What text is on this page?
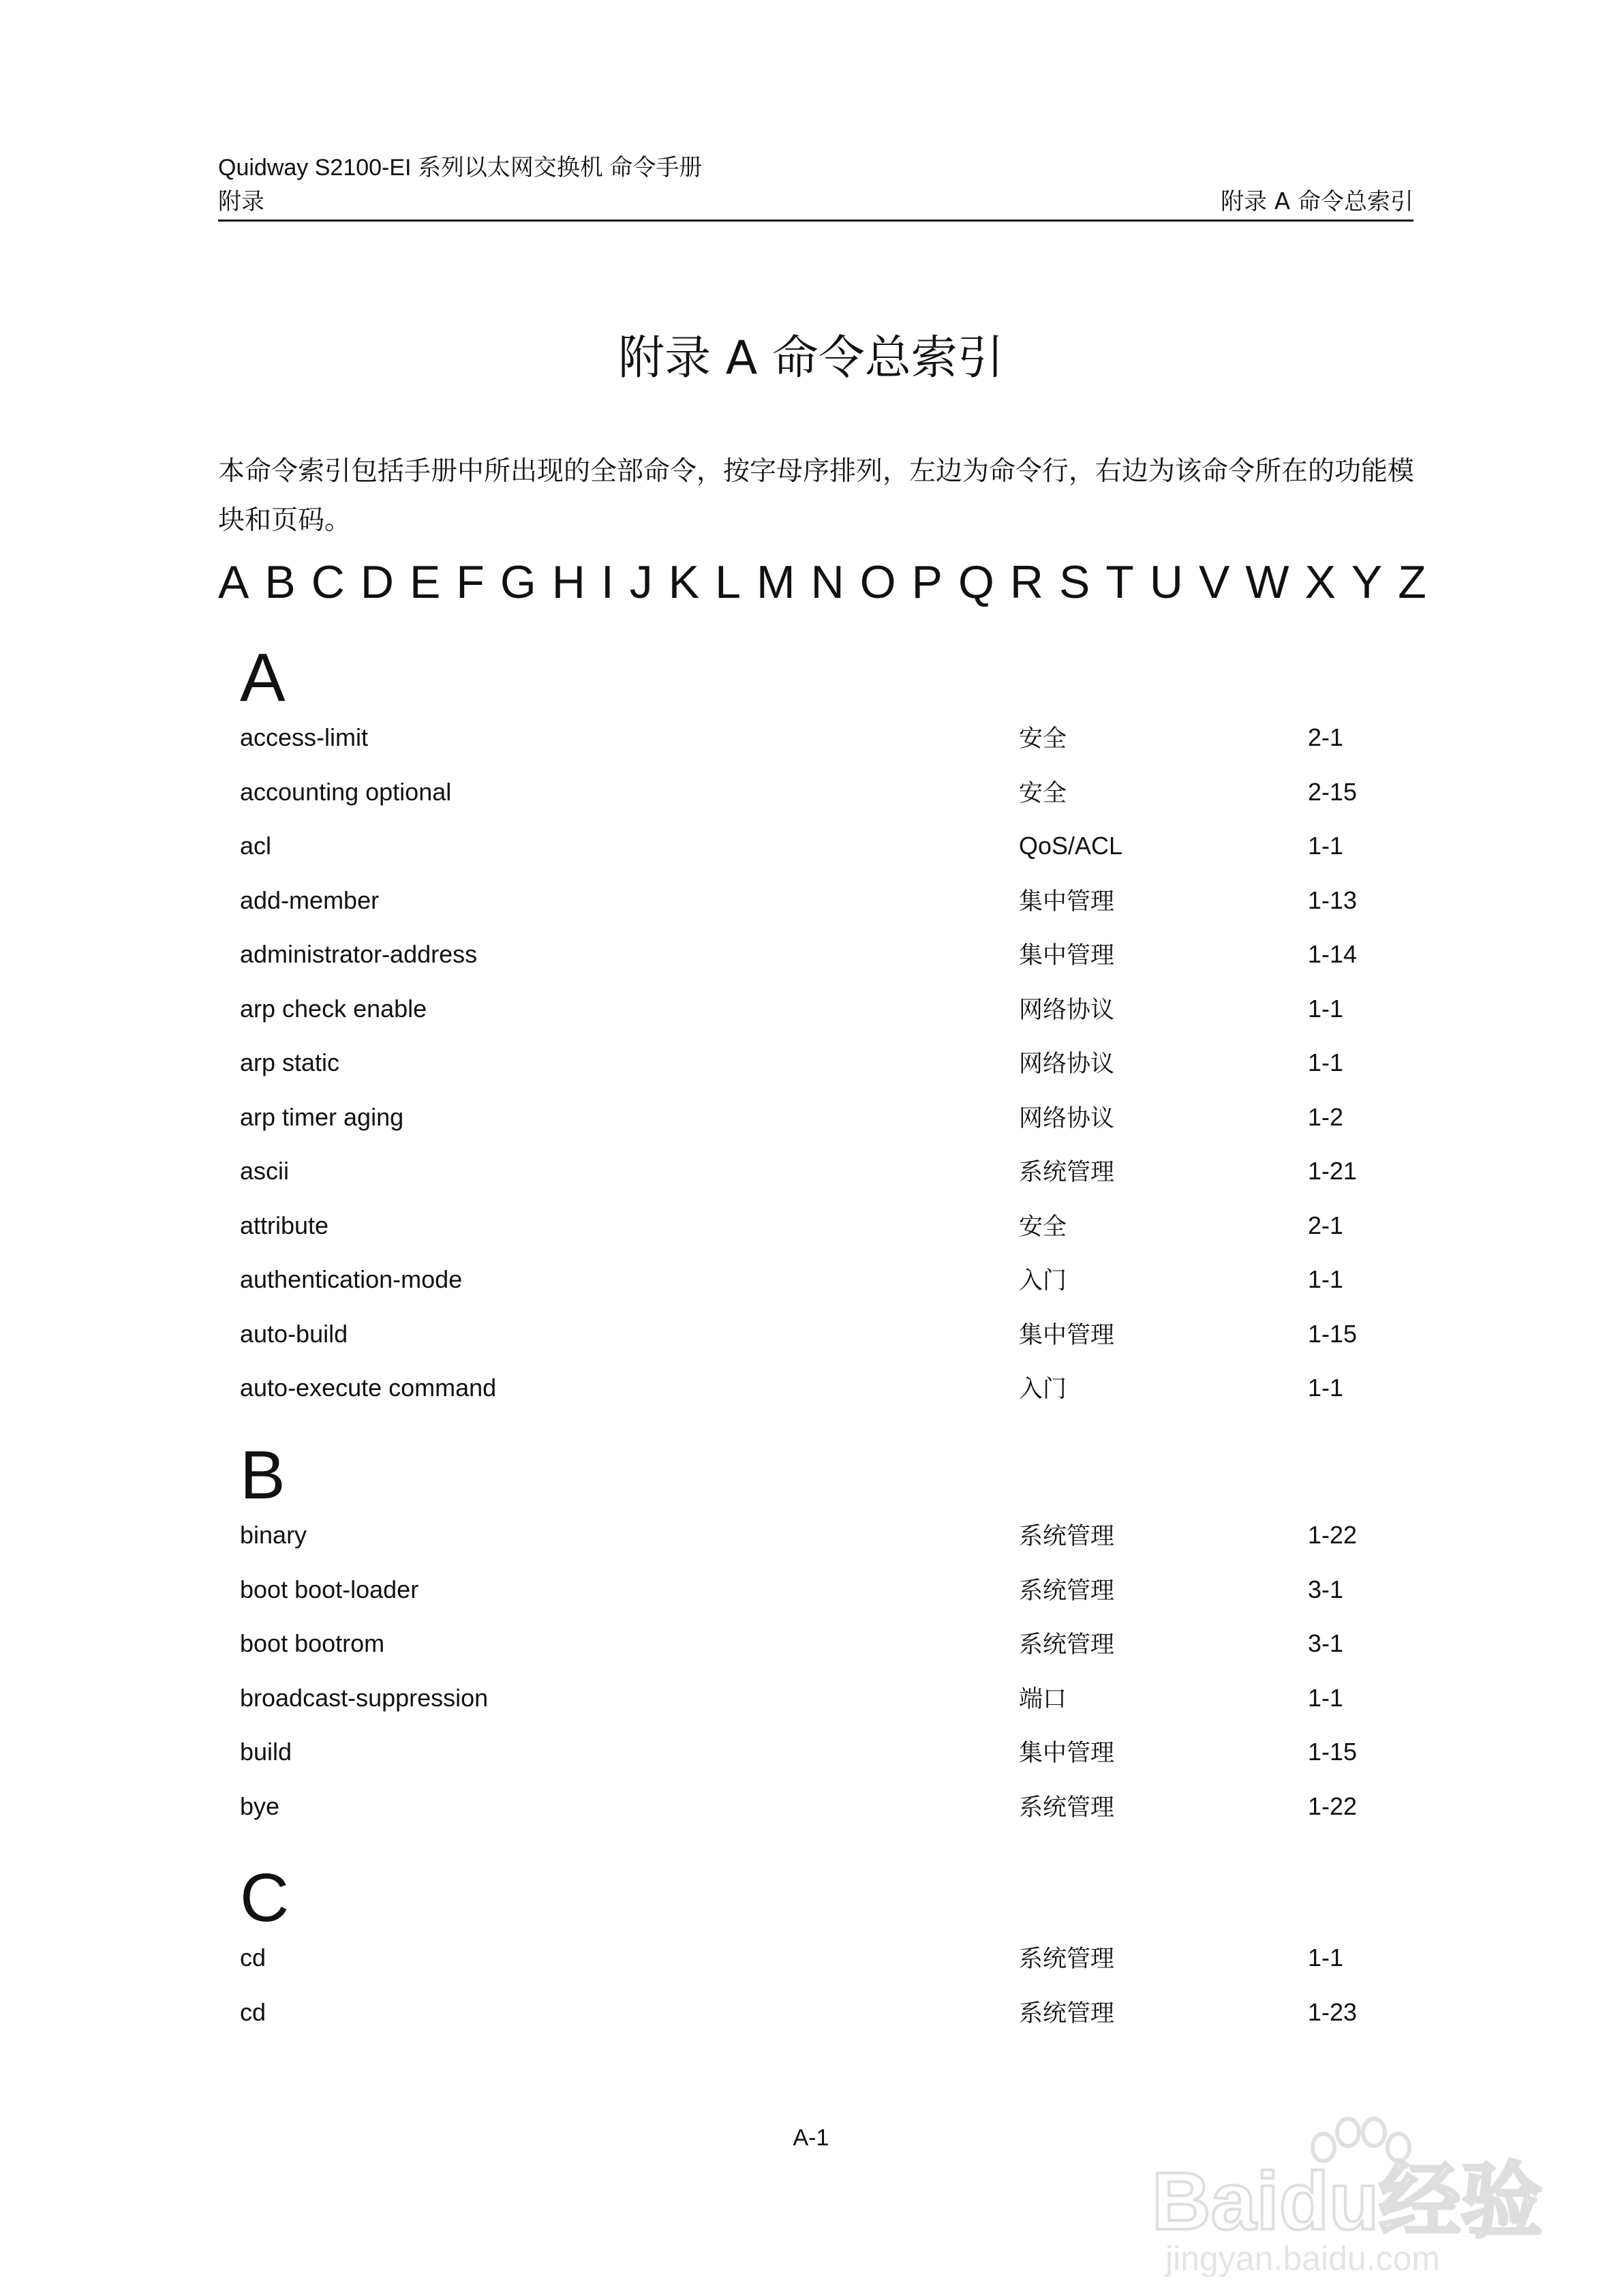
Quidway S2100-EI 系列以太网交换机 命令手册
附录	附录 A 命令总索引
附录 A 命令总索引
本命令索引包括手册中所出现的全部命令，按字母序排列，左边为命令行，右边为该命令所在的功能模块和页码。
A B C D E F G H I J K L M N O P Q R S T U V W X Y Z
A
access-limit	安全	2-1
accounting optional	安全	2-15
acl	QoS/ACL	1-1
add-member	集中管理	1-13
administrator-address	集中管理	1-14
arp check enable	网络协议	1-1
arp static	网络协议	1-1
arp timer aging	网络协议	1-2
ascii	系统管理	1-21
attribute	安全	2-1
authentication-mode	入门	1-1
auto-build	集中管理	1-15
auto-execute command	入门	1-1
B
binary	系统管理	1-22
boot boot-loader	系统管理	3-1
boot bootrom	系统管理	3-1
broadcast-suppression	端口	1-1
build	集中管理	1-15
bye	系统管理	1-22
C
cd	系统管理	1-1
cd	系统管理	1-23
A-1
Baidu经验
jingyan.baidu.com
